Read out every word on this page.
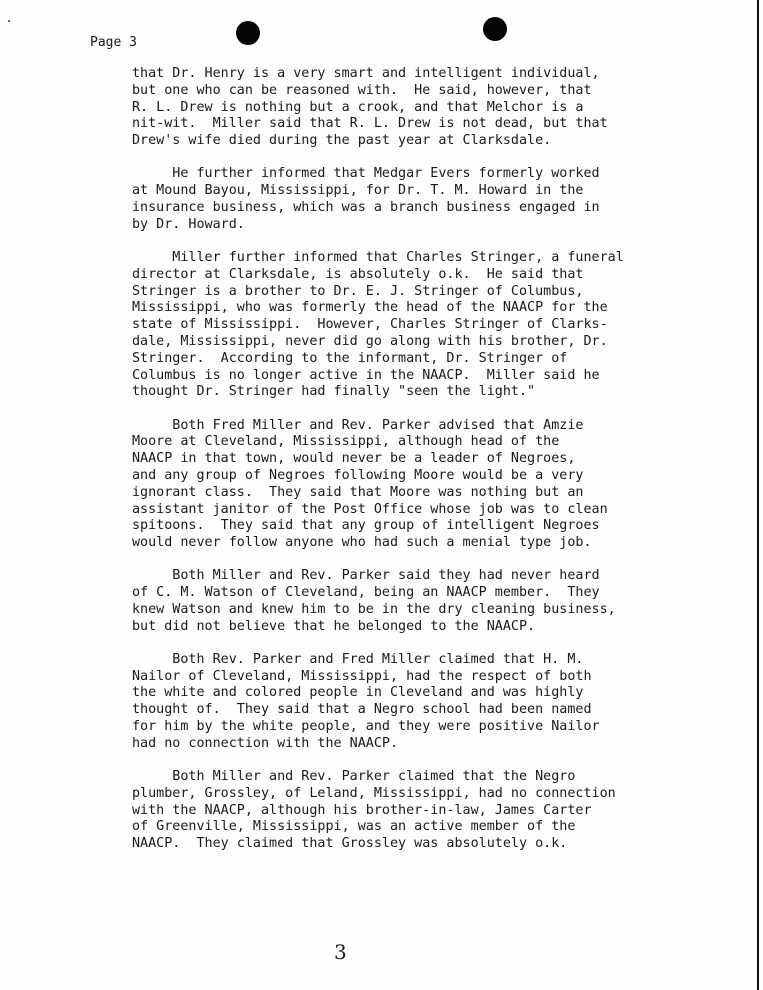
Page 3
that Dr. Henry is a very smart and intelligent individual,
but one who can be reasoned with.  He said, however, that
R. L. Drew is nothing but a crook, and that Melchor is a
nit-wit.  Miller said that R. L. Drew is not dead, but that
Drew's wife died during the past year at Clarksdale.
He further informed that Medgar Evers formerly worked
at Mound Bayou, Mississippi, for Dr. T. M. Howard in the
insurance business, which was a branch business engaged in
by Dr. Howard.
Miller further informed that Charles Stringer, a funeral
director at Clarksdale, is absolutely o.k.  He said that
Stringer is a brother to Dr. E. J. Stringer of Columbus,
Mississippi, who was formerly the head of the NAACP for the
state of Mississippi.  However, Charles Stringer of Clarks-
dale, Mississippi, never did go along with his brother, Dr.
Stringer.  According to the informant, Dr. Stringer of
Columbus is no longer active in the NAACP.  Miller said he
thought Dr. Stringer had finally "seen the light."
Both Fred Miller and Rev. Parker advised that Amzie
Moore at Cleveland, Mississippi, although head of the
NAACP in that town, would never be a leader of Negroes,
and any group of Negroes following Moore would be a very
ignorant class.  They said that Moore was nothing but an
assistant janitor of the Post Office whose job was to clean
spitoons.  They said that any group of intelligent Negroes
would never follow anyone who had such a menial type job.
Both Miller and Rev. Parker said they had never heard
of C. M. Watson of Cleveland, being an NAACP member.  They
knew Watson and knew him to be in the dry cleaning business,
but did not believe that he belonged to the NAACP.
Both Rev. Parker and Fred Miller claimed that H. M.
Nailor of Cleveland, Mississippi, had the respect of both
the white and colored people in Cleveland and was highly
thought of.  They said that a Negro school had been named
for him by the white people, and they were positive Nailor
had no connection with the NAACP.
Both Miller and Rev. Parker claimed that the Negro
plumber, Grossley, of Leland, Mississippi, had no connection
with the NAACP, although his brother-in-law, James Carter
of Greenville, Mississippi, was an active member of the
NAACP.  They claimed that Grossley was absolutely o.k.
3
